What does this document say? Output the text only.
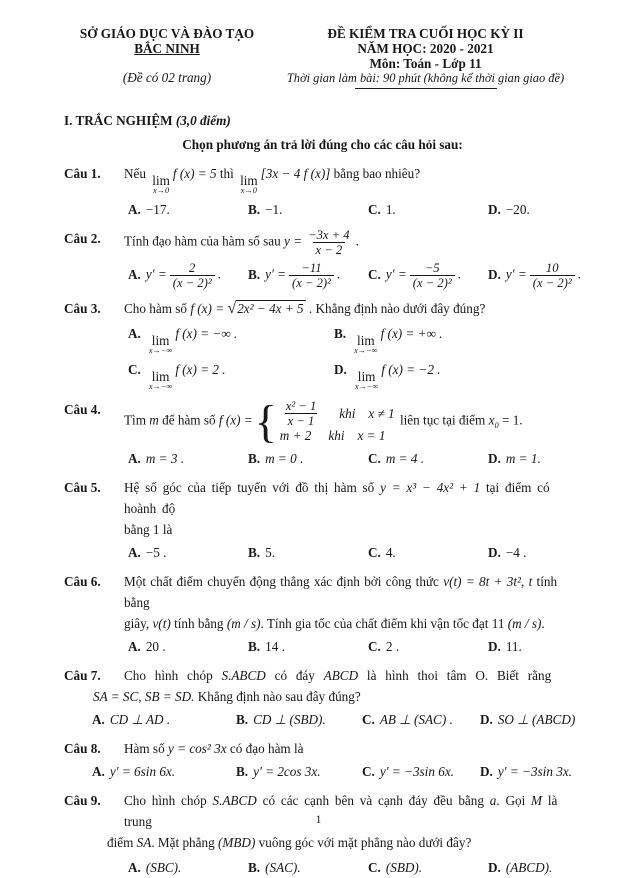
SỞ GIÁO DỤC VÀ ĐÀO TẠO
BẮC NINH
(Đề có 02 trang)
ĐỀ KIỂM TRA CUỐI HỌC KỲ II
NĂM HỌC: 2020 - 2021
Môn: Toán - Lớp 11
Thời gian làm bài: 90 phút (không kể thời gian giao đề)
I. TRẮC NGHIỆM (3,0 điểm)
Chọn phương án trả lời đúng cho các câu hỏi sau:
Câu 1.	Nếu lim
x→0
f (x) = 5 thì lim
x→0
[3x − 4 f (x)] bằng bao nhiêu?
A. −17.	B. −1.	C. 1.	D. −20.
Câu 2.	Tính đạo hàm của hàm số sau $y = \frac{-3x + 4}{x - 2}$ .
A. $y' = \frac{2}{\text{(x − 2)²}}$ .	B. $y' = \frac{-11}{\text{(x − 2)²}}$ .	C. $y' = \frac{-5}{\text{(x − 2)²}}$ .	D. $y' = \frac{10}{\text{(x − 2)²}}$ .
Câu 3.	Cho hàm số f (x) = √2x² − 4x + 5 . Khẳng định nào dưới đây đúng?
A. lim
x→−∞
f (x) = −∞ .	B. lim
x→−∞
f (x) = +∞ .
C. lim
x→−∞
f (x) = 2 .	D. lim
x→−∞
f (x) = −2 .
Câu 4.
Tìm m để hàm số f (x) = { $\frac{\text{x² − 1}}{x - 1}$ khi x ≠ 1
m + 2 khi x = 1
liên tục tại điểm $x_0 = 1$.
A. m = 3 .	B. m = 0 .	C. m = 4 .	D. m = 1.
Câu 5.	Hệ số góc của tiếp tuyến với đồ thị hàm số y = x³ − 4x² + 1 tại điểm có hoành độ
bằng 1 là
A. −5 .	B. 5.	C. 4.	D. −4 .
Câu 6.	Một chất điểm chuyển động thẳng xác định bởi công thức v(t) = 8t + 3t², t tính bằng
giây, v(t) tính bằng (m / s). Tính gia tốc của chất điểm khi vận tốc đạt 11 (m / s).
A. 20 .	B. 14 .	C. 2 .	D. 11.
Câu 7.	Cho hình chóp S.ABCD có đáy ABCD là hình thoi tâm O. Biết rằng
SA = SC, SB = SD. Khẳng định nào sau đây đúng?
A. CD ⊥ AD .	B. CD ⊥ (SBD).	C. AB ⊥ (SAC) .	D. SO ⊥ (ABCD)
Câu 8.	Hàm số y = cos² 3x có đạo hàm là
A. y′ = 6sin 6x.	B. y′ = 2cos 3x.	C. y′ = −3sin 6x.	D. y′ = −3sin 3x.
Câu 9.	Cho hình chóp S.ABCD có các cạnh bên và cạnh đáy đều bằng a. Gọi M là trung
điểm SA. Mặt phẳng (MBD) vuông góc với mặt phẳng nào dưới đây?
A. (SBC).	B. (SAC).	C. (SBD).	D. (ABCD).
1
